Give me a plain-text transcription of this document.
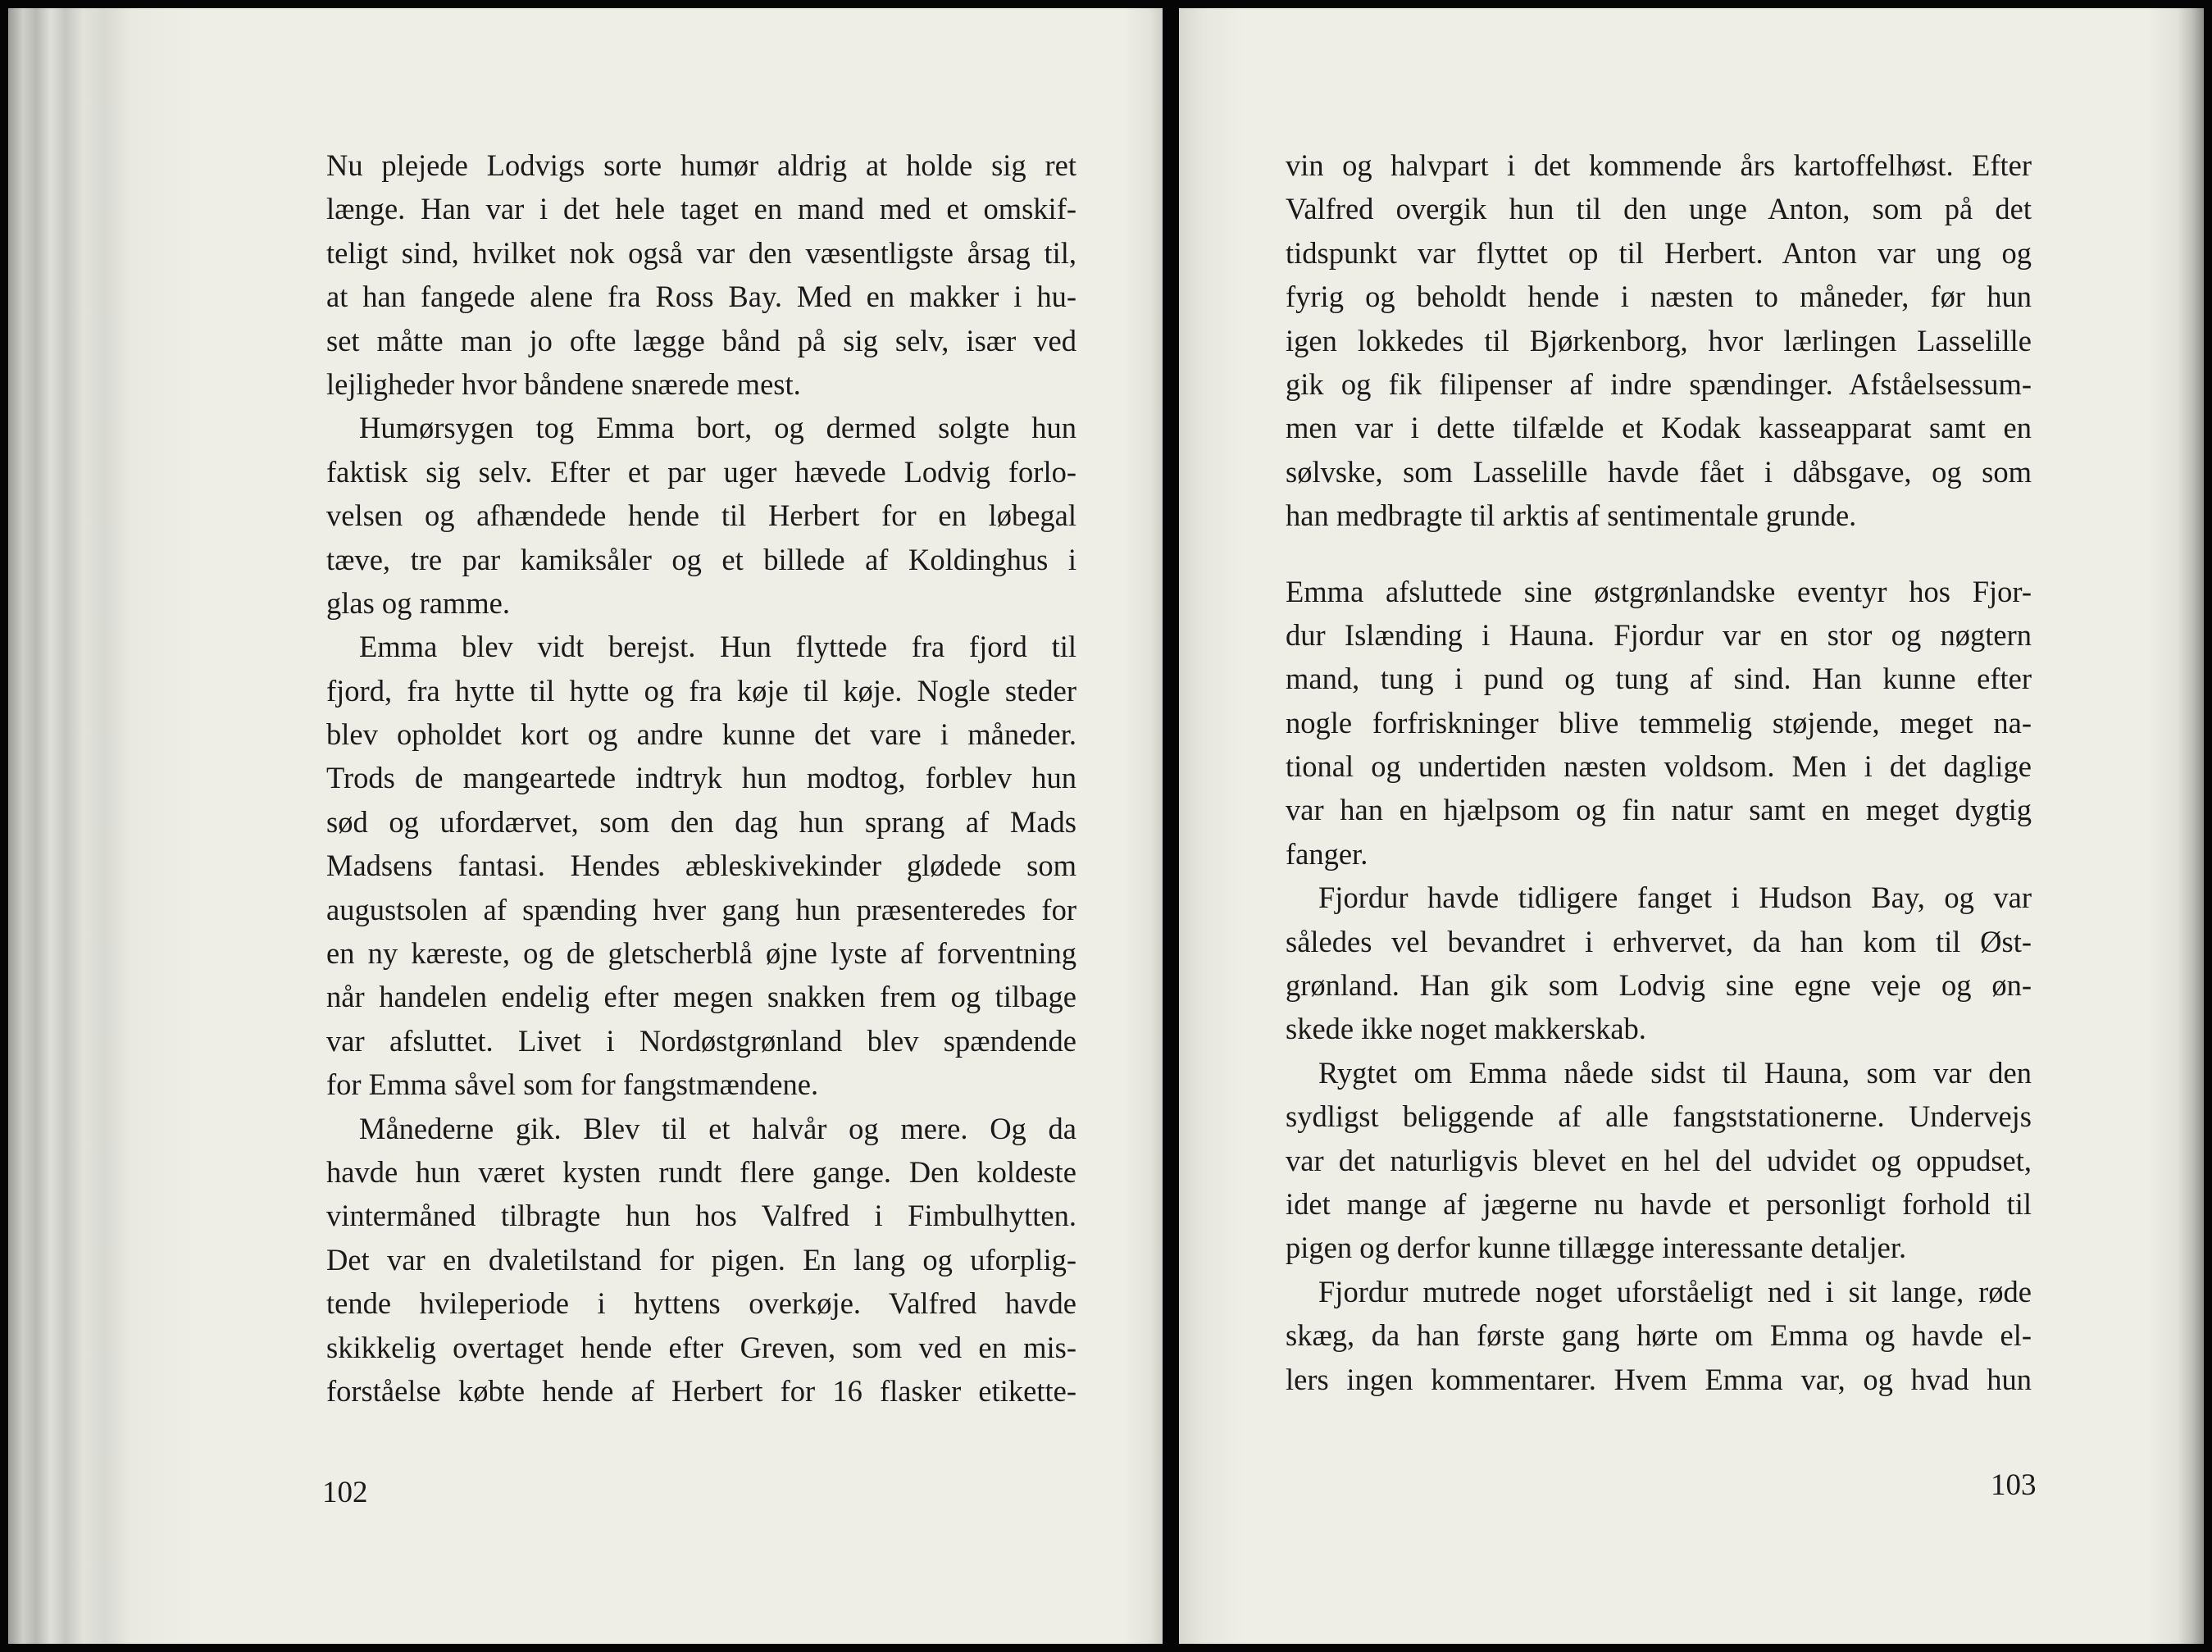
Nu plejede Lodvigs sorte humør aldrig at holde sig ret
længe. Han var i det hele taget en mand med et omskif-
teligt sind, hvilket nok også var den væsentligste årsag til,
at han fangede alene fra Ross Bay. Med en makker i hu-
set måtte man jo ofte lægge bånd på sig selv, især ved
lejligheder hvor båndene snærede mest.
Humørsygen tog Emma bort, og dermed solgte hun
faktisk sig selv. Efter et par uger hævede Lodvig forlo-
velsen og afhændede hende til Herbert for en løbegal
tæve, tre par kamiksåler og et billede af Koldinghus i
glas og ramme.
Emma blev vidt berejst. Hun flyttede fra fjord til
fjord, fra hytte til hytte og fra køje til køje. Nogle steder
blev opholdet kort og andre kunne det vare i måneder.
Trods de mangeartede indtryk hun modtog, forblev hun
sød og ufordærvet, som den dag hun sprang af Mads
Madsens fantasi. Hendes æbleskivekinder glødede som
augustsolen af spænding hver gang hun præsenteredes for
en ny kæreste, og de gletscherblå øjne lyste af forventning
når handelen endelig efter megen snakken frem og tilbage
var afsluttet. Livet i Nordøstgrønland blev spændende
for Emma såvel som for fangstmændene.
Månederne gik. Blev til et halvår og mere. Og da
havde hun været kysten rundt flere gange. Den koldeste
vintermåned tilbragte hun hos Valfred i Fimbulhytten.
Det var en dvaletilstand for pigen. En lang og uforplig-
tende hvileperiode i hyttens overkøje. Valfred havde
skikkelig overtaget hende efter Greven, som ved en mis-
forståelse købte hende af Herbert for 16 flasker etikette-
102
vin og halvpart i det kommende års kartoffelhøst. Efter
Valfred overgik hun til den unge Anton, som på det
tidspunkt var flyttet op til Herbert. Anton var ung og
fyrig og beholdt hende i næsten to måneder, før hun
igen lokkedes til Bjørkenborg, hvor lærlingen Lasselille
gik og fik filipenser af indre spændinger. Afståelsessum-
men var i dette tilfælde et Kodak kasseapparat samt en
sølvske, som Lasselille havde fået i dåbsgave, og som
han medbragte til arktis af sentimentale grunde.
Emma afsluttede sine østgrønlandske eventyr hos Fjor-
dur Islænding i Hauna. Fjordur var en stor og nøgtern
mand, tung i pund og tung af sind. Han kunne efter
nogle forfriskninger blive temmelig støjende, meget na-
tional og undertiden næsten voldsom. Men i det daglige
var han en hjælpsom og fin natur samt en meget dygtig
fanger.
Fjordur havde tidligere fanget i Hudson Bay, og var
således vel bevandret i erhvervet, da han kom til Øst-
grønland. Han gik som Lodvig sine egne veje og øn-
skede ikke noget makkerskab.
Rygtet om Emma nåede sidst til Hauna, som var den
sydligst beliggende af alle fangststationerne. Undervejs
var det naturligvis blevet en hel del udvidet og oppudset,
idet mange af jægerne nu havde et personligt forhold til
pigen og derfor kunne tillægge interessante detaljer.
Fjordur mutrede noget uforståeligt ned i sit lange, røde
skæg, da han første gang hørte om Emma og havde el-
lers ingen kommentarer. Hvem Emma var, og hvad hun
103
